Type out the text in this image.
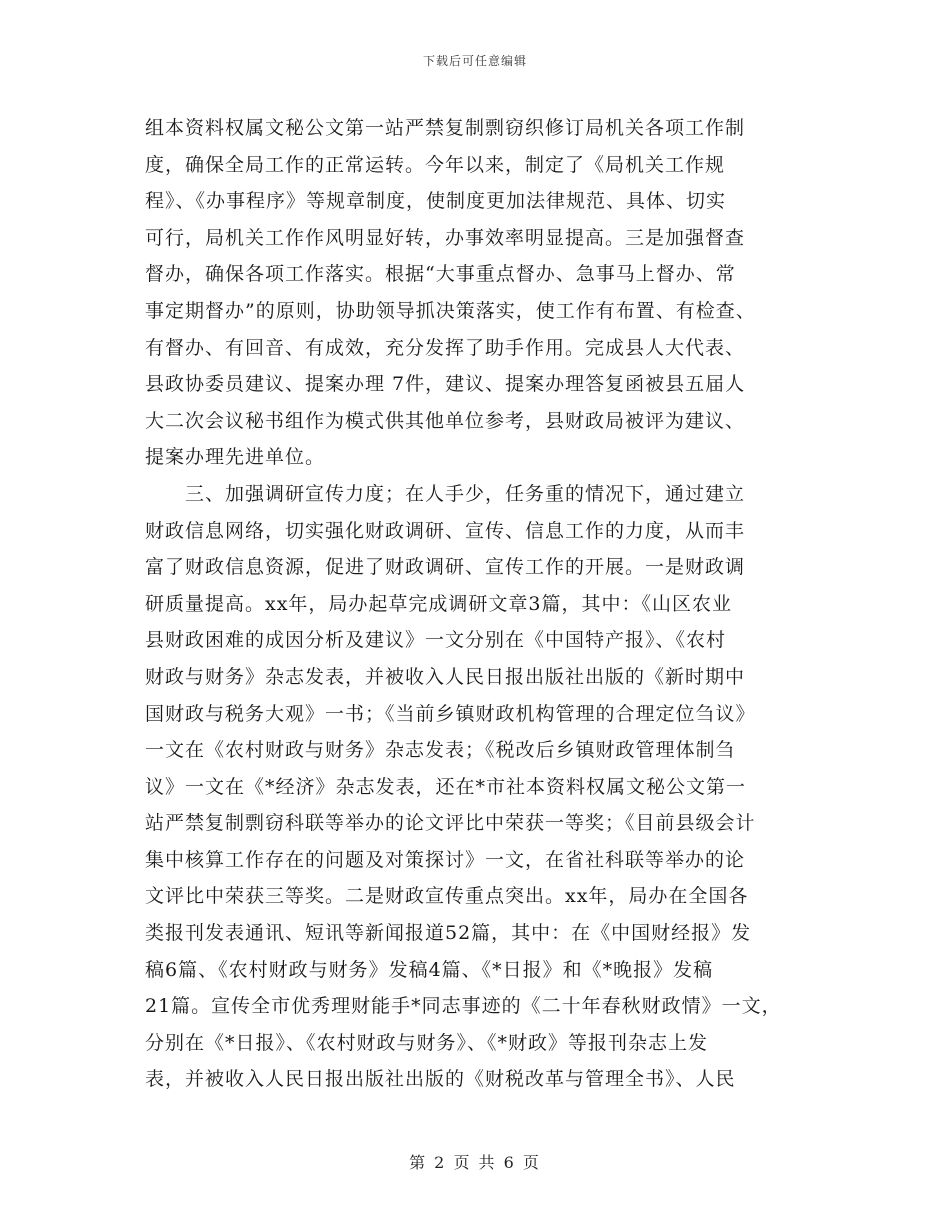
下载后可任意编辑
组本资料权属文秘公文第一站严禁复制剽窃织修订局机关各项工作制
度，确保全局工作的正常运转。今年以来，制定了《局机关工作规
程》、《办事程序》等规章制度，使制度更加法律规范、具体、切实
可行，局机关工作作风明显好转，办事效率明显提高。三是加强督查
督办，确保各项工作落实。根据“大事重点督办、急事马上督办、常
事定期督办”的原则，协助领导抓决策落实，使工作有布置、有检查、
有督办、有回音、有成效，充分发挥了助手作用。完成县人大代表、
县政协委员建议、提案办理 7件，建议、提案办理答复函被县五届人
大二次会议秘书组作为模式供其他单位参考，县财政局被评为建议、
提案办理先进单位。
　　三、加强调研宣传力度；在人手少，任务重的情况下，通过建立
财政信息网络，切实强化财政调研、宣传、信息工作的力度，从而丰
富了财政信息资源，促进了财政调研、宣传工作的开展。一是财政调
研质量提高。xx年，局办起草完成调研文章3篇，其中：《山区农业
县财政困难的成因分析及建议》一文分别在《中国特产报》、《农村
财政与财务》杂志发表，并被收入人民日报出版社出版的《新时期中
国财政与税务大观》一书；《当前乡镇财政机构管理的合理定位刍议》
一文在《农村财政与财务》杂志发表；《税改后乡镇财政管理体制刍
议》一文在《*经济》杂志发表，还在*市社本资料权属文秘公文第一
站严禁复制剽窃科联等举办的论文评比中荣获一等奖；《目前县级会计
集中核算工作存在的问题及对策探讨》一文，在省社科联等举办的论
文评比中荣获三等奖。二是财政宣传重点突出。xx年，局办在全国各
类报刊发表通讯、短讯等新闻报道52篇，其中：在《中国财经报》发
稿6篇、《农村财政与财务》发稿4篇、《*日报》和《*晚报》发稿
21篇。宣传全市优秀理财能手*同志事迹的《二十年春秋财政情》一文，
分别在《*日报》、《农村财政与财务》、《*财政》等报刊杂志上发
表，并被收入人民日报出版社出版的《财税改革与管理全书》、人民
第 2 页 共 6 页
